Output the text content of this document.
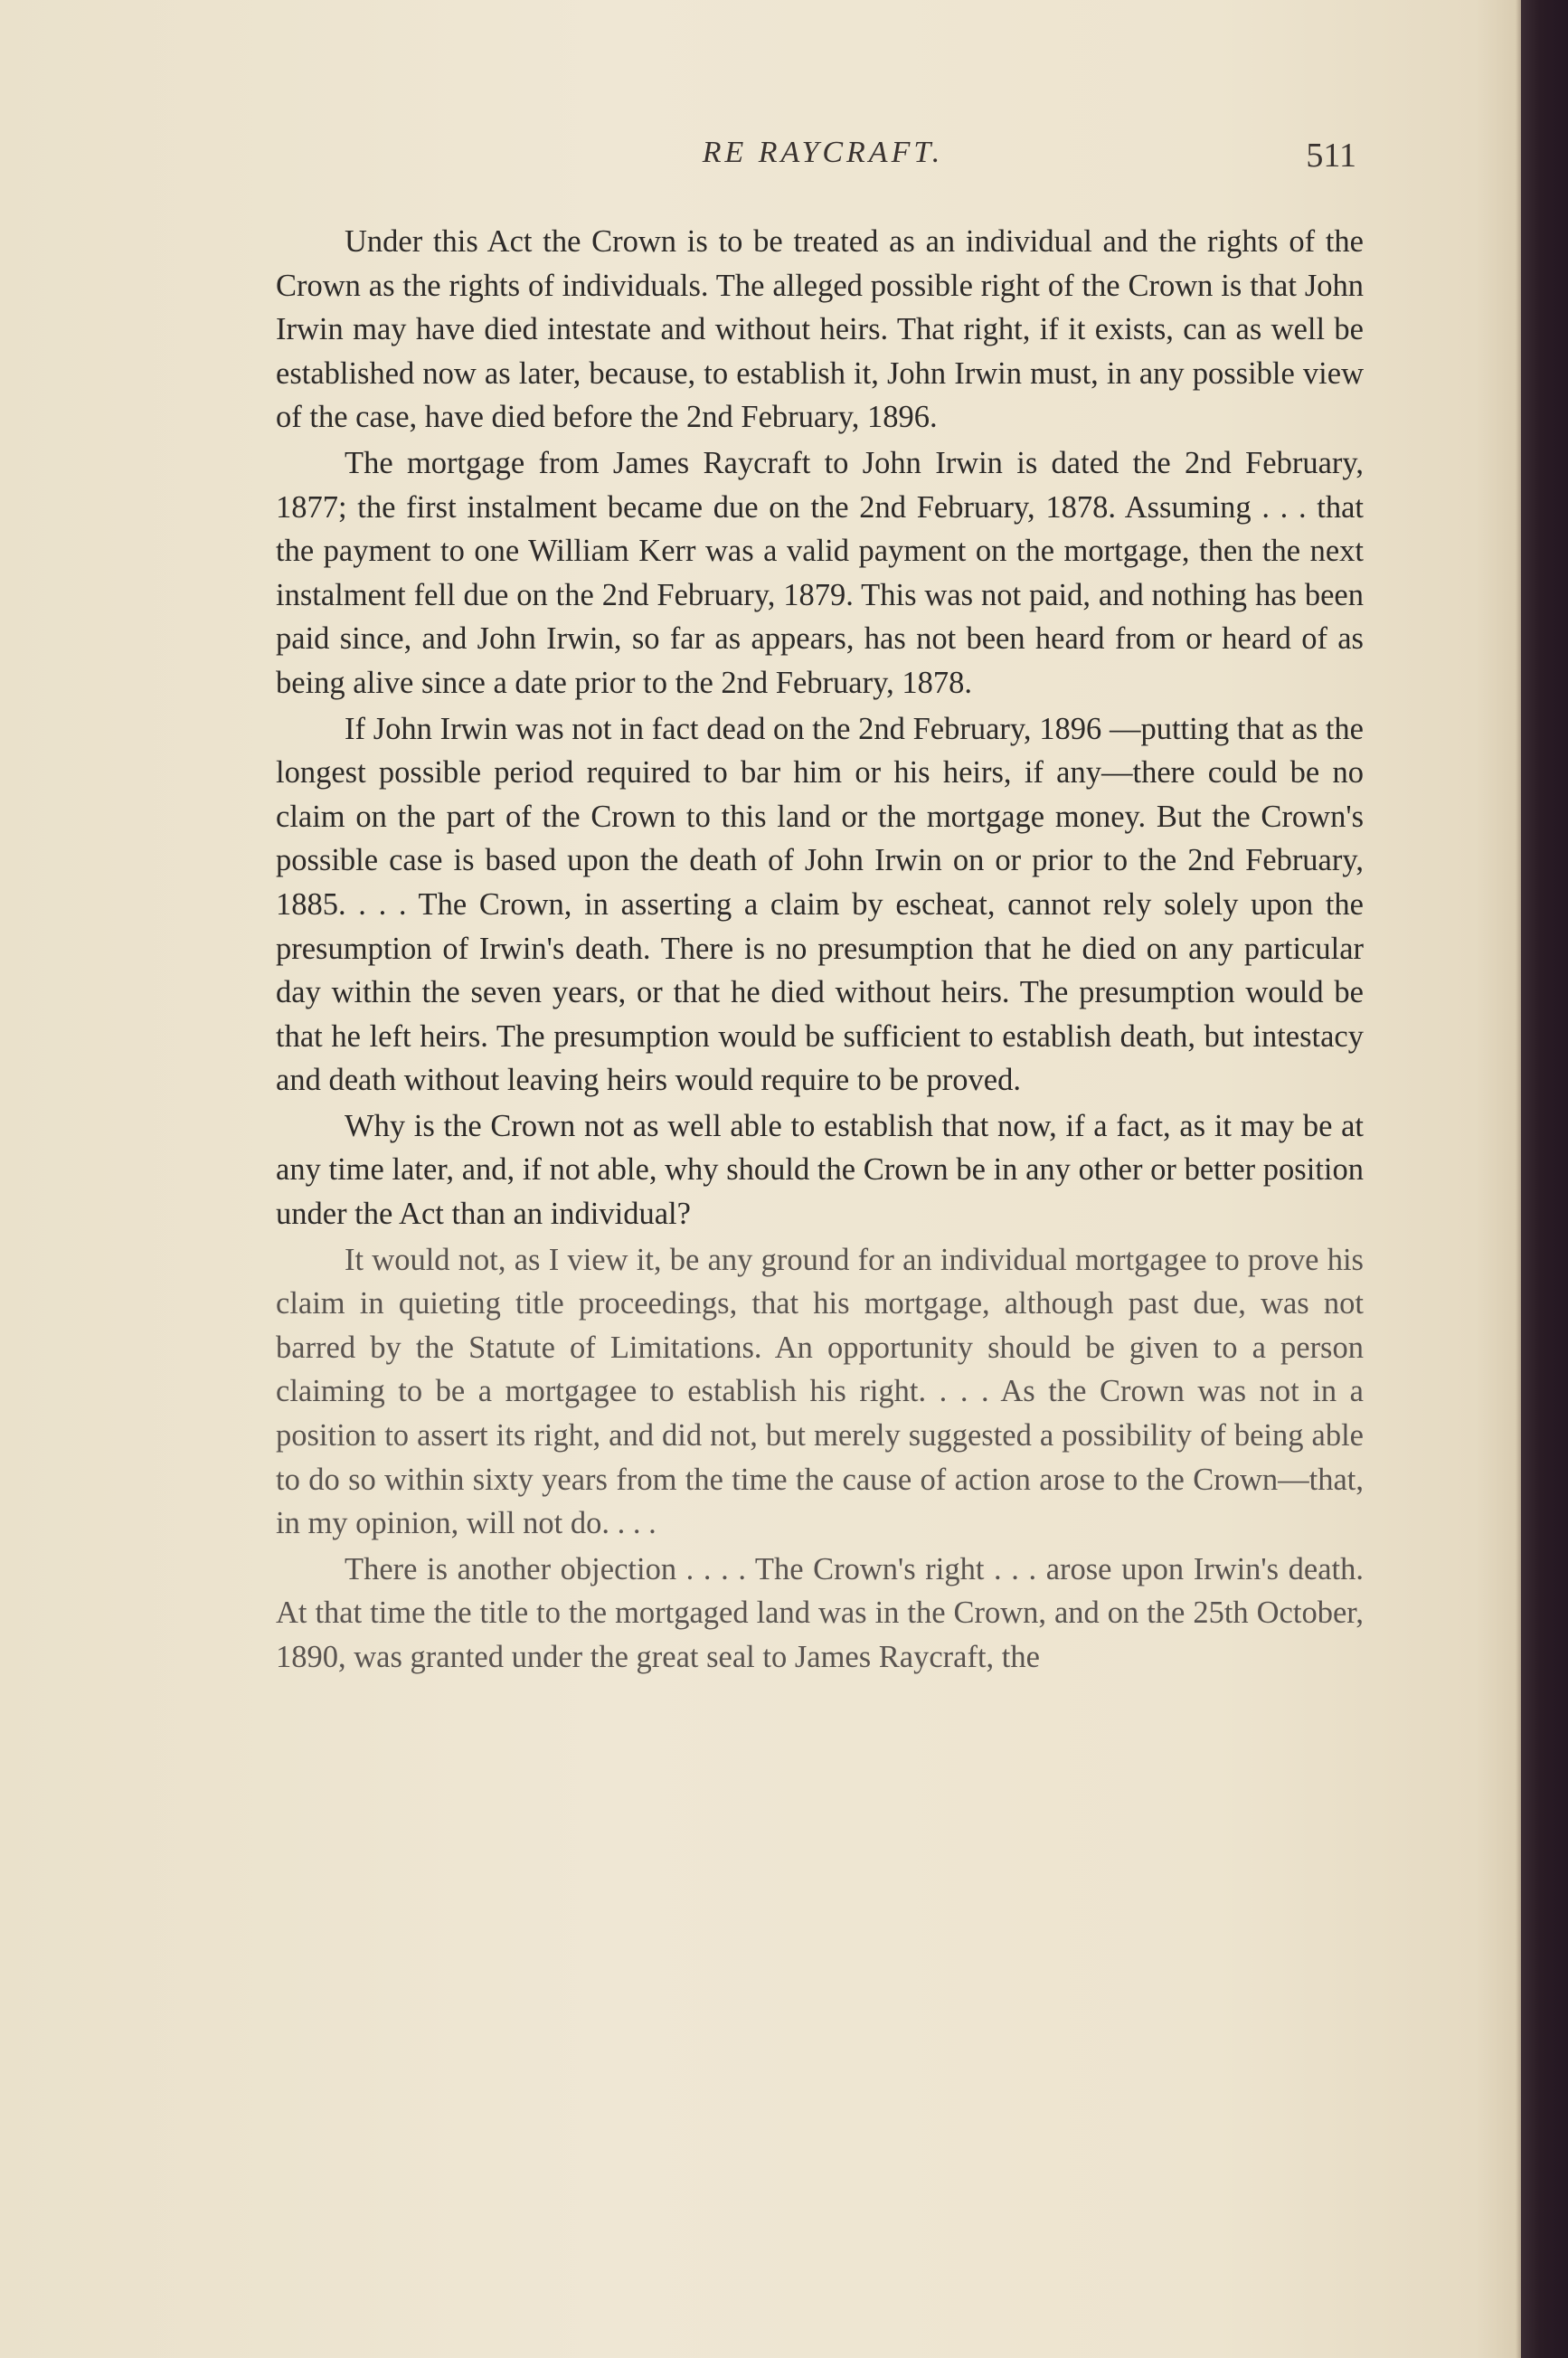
RE RAYCRAFT.	511

Under this Act the Crown is to be treated as an individual and the rights of the Crown as the rights of individuals. The alleged possible right of the Crown is that John Irwin may have died intestate and without heirs. That right, if it exists, can as well be established now as later, because, to establish it, John Irwin must, in any possible view of the case, have died before the 2nd February, 1896.

The mortgage from James Raycraft to John Irwin is dated the 2nd February, 1877; the first instalment became due on the 2nd February, 1878. Assuming . . . that the payment to one William Kerr was a valid payment on the mortgage, then the next instalment fell due on the 2nd February, 1879. This was not paid, and nothing has been paid since, and John Irwin, so far as appears, has not been heard from or heard of as being alive since a date prior to the 2nd February, 1878.

If John Irwin was not in fact dead on the 2nd February, 1896 —putting that as the longest possible period required to bar him or his heirs, if any—there could be no claim on the part of the Crown to this land or the mortgage money. But the Crown's possible case is based upon the death of John Irwin on or prior to the 2nd February, 1885. . . . The Crown, in asserting a claim by escheat, cannot rely solely upon the presumption of Irwin's death. There is no presumption that he died on any particular day within the seven years, or that he died without heirs. The presumption would be that he left heirs. The presumption would be sufficient to establish death, but intestacy and death without leaving heirs would require to be proved.

Why is the Crown not as well able to establish that now, if a fact, as it may be at any time later, and, if not able, why should the Crown be in any other or better position under the Act than an individual?

It would not, as I view it, be any ground for an individual mortgagee to prove his claim in quieting title proceedings, that his mortgage, although past due, was not barred by the Statute of Limitations. An opportunity should be given to a person claiming to be a mortgagee to establish his right. . . . As the Crown was not in a position to assert its right, and did not, but merely suggested a possibility of being able to do so within sixty years from the time the cause of action arose to the Crown—that, in my opinion, will not do. . . .

There is another objection . . . . The Crown's right . . . arose upon Irwin's death. At that time the title to the mortgaged land was in the Crown, and on the 25th October, 1890, was granted under the great seal to James Raycraft, the
